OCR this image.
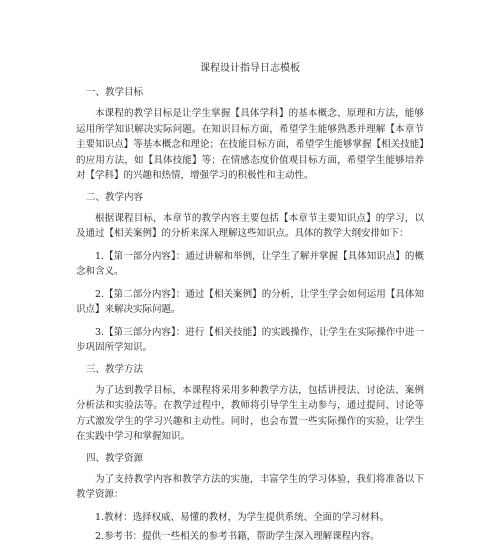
课程设计指导日志模板
一、教学目标
本课程的教学目标是让学生掌握【具体学科】的基本概念、原理和方法，能够运用所学知识解决实际问题。在知识目标方面，希望学生能够熟悉并理解【本章节主要知识点】等基本概念和理论；在技能目标方面，希望学生能够掌握【相关技能】的应用方法，如【具体技能】等；在情感态度价值观目标方面，希望学生能够培养对【学科】的兴趣和热情，增强学习的积极性和主动性。
二、教学内容
根据课程目标，本章节的教学内容主要包括【本章节主要知识点】的学习，以及通过【相关案例】的分析来深入理解这些知识点。具体的教学大纲安排如下：
1.【第一部分内容】：通过讲解和举例，让学生了解并掌握【具体知识点】的概念和含义。
2.【第二部分内容】：通过【相关案例】的分析，让学生学会如何运用【具体知识点】来解决实际问题。
3.【第三部分内容】：进行【相关技能】的实践操作，让学生在实际操作中进一步巩固所学知识。
三、教学方法
为了达到教学目标，本课程将采用多种教学方法，包括讲授法、讨论法、案例分析法和实验法等。在教学过程中，教师将引导学生主动参与，通过提问、讨论等方式激发学生的学习兴趣和主动性。同时，也会布置一些实际操作的实验，让学生在实践中学习和掌握知识。
四、教学资源
为了支持教学内容和教学方法的实施，丰富学生的学习体验，我们将准备以下教学资源：
1.教材：选择权威、易懂的教材，为学生提供系统、全面的学习材料。
2.参考书：提供一些相关的参考书籍，帮助学生深入理解课程内容。
